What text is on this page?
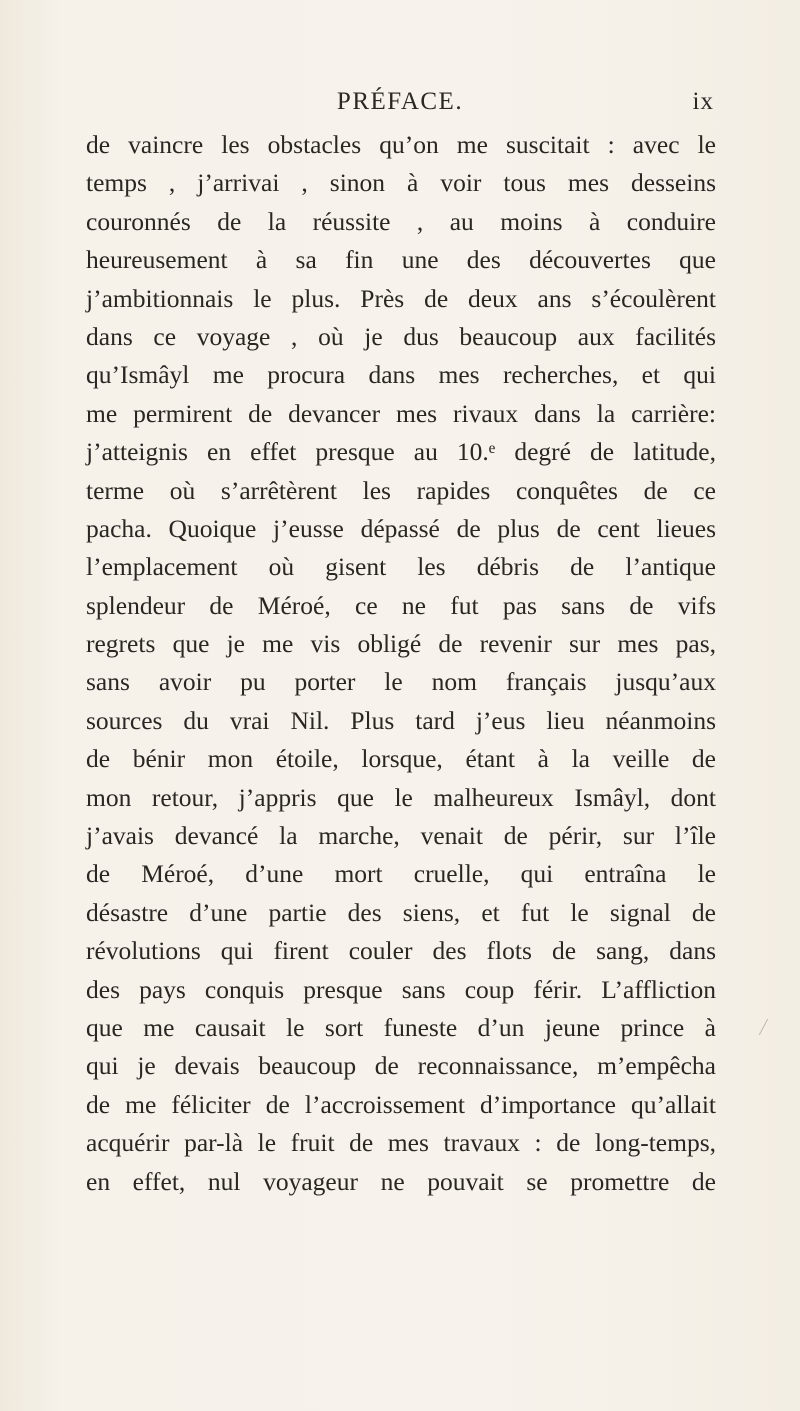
PRÉFACE.	ix
de vaincre les obstacles qu’on me suscitait : avec le
temps , j’arrivai , sinon à voir tous mes desseins
couronnés de la réussite , au moins à conduire
heureusement à sa fin une des découvertes que
j’ambitionnais le plus. Près de deux ans s’écoulèrent
dans ce voyage , où je dus beaucoup aux facilités
qu’Ismâyl me procura dans mes recherches, et qui
me permirent de devancer mes rivaux dans la carrière:
j’atteignis en effet presque au 10.ᵉ degré de latitude,
terme où s’arrêtèrent les rapides conquêtes de ce
pacha. Quoique j’eusse dépassé de plus de cent lieues
l’emplacement où gisent les débris de l’antique
splendeur de Méroé, ce ne fut pas sans de vifs
regrets que je me vis obligé de revenir sur mes pas,
sans avoir pu porter le nom français jusqu’aux
sources du vrai Nil. Plus tard j’eus lieu néanmoins
de bénir mon étoile, lorsque, étant à la veille de
mon retour, j’appris que le malheureux Ismâyl, dont
j’avais devancé la marche, venait de périr, sur l’île
de Méroé, d’une mort cruelle, qui entraîna le
désastre d’une partie des siens, et fut le signal de
révolutions qui firent couler des flots de sang, dans
des pays conquis presque sans coup férir. L’affliction
que me causait le sort funeste d’un jeune prince à
qui je devais beaucoup de reconnaissance, m’empêcha
de me féliciter de l’accroissement d’importance qu’allait
acquérir par-là le fruit de mes travaux : de long-temps,
en effet, nul voyageur ne pouvait se promettre de
